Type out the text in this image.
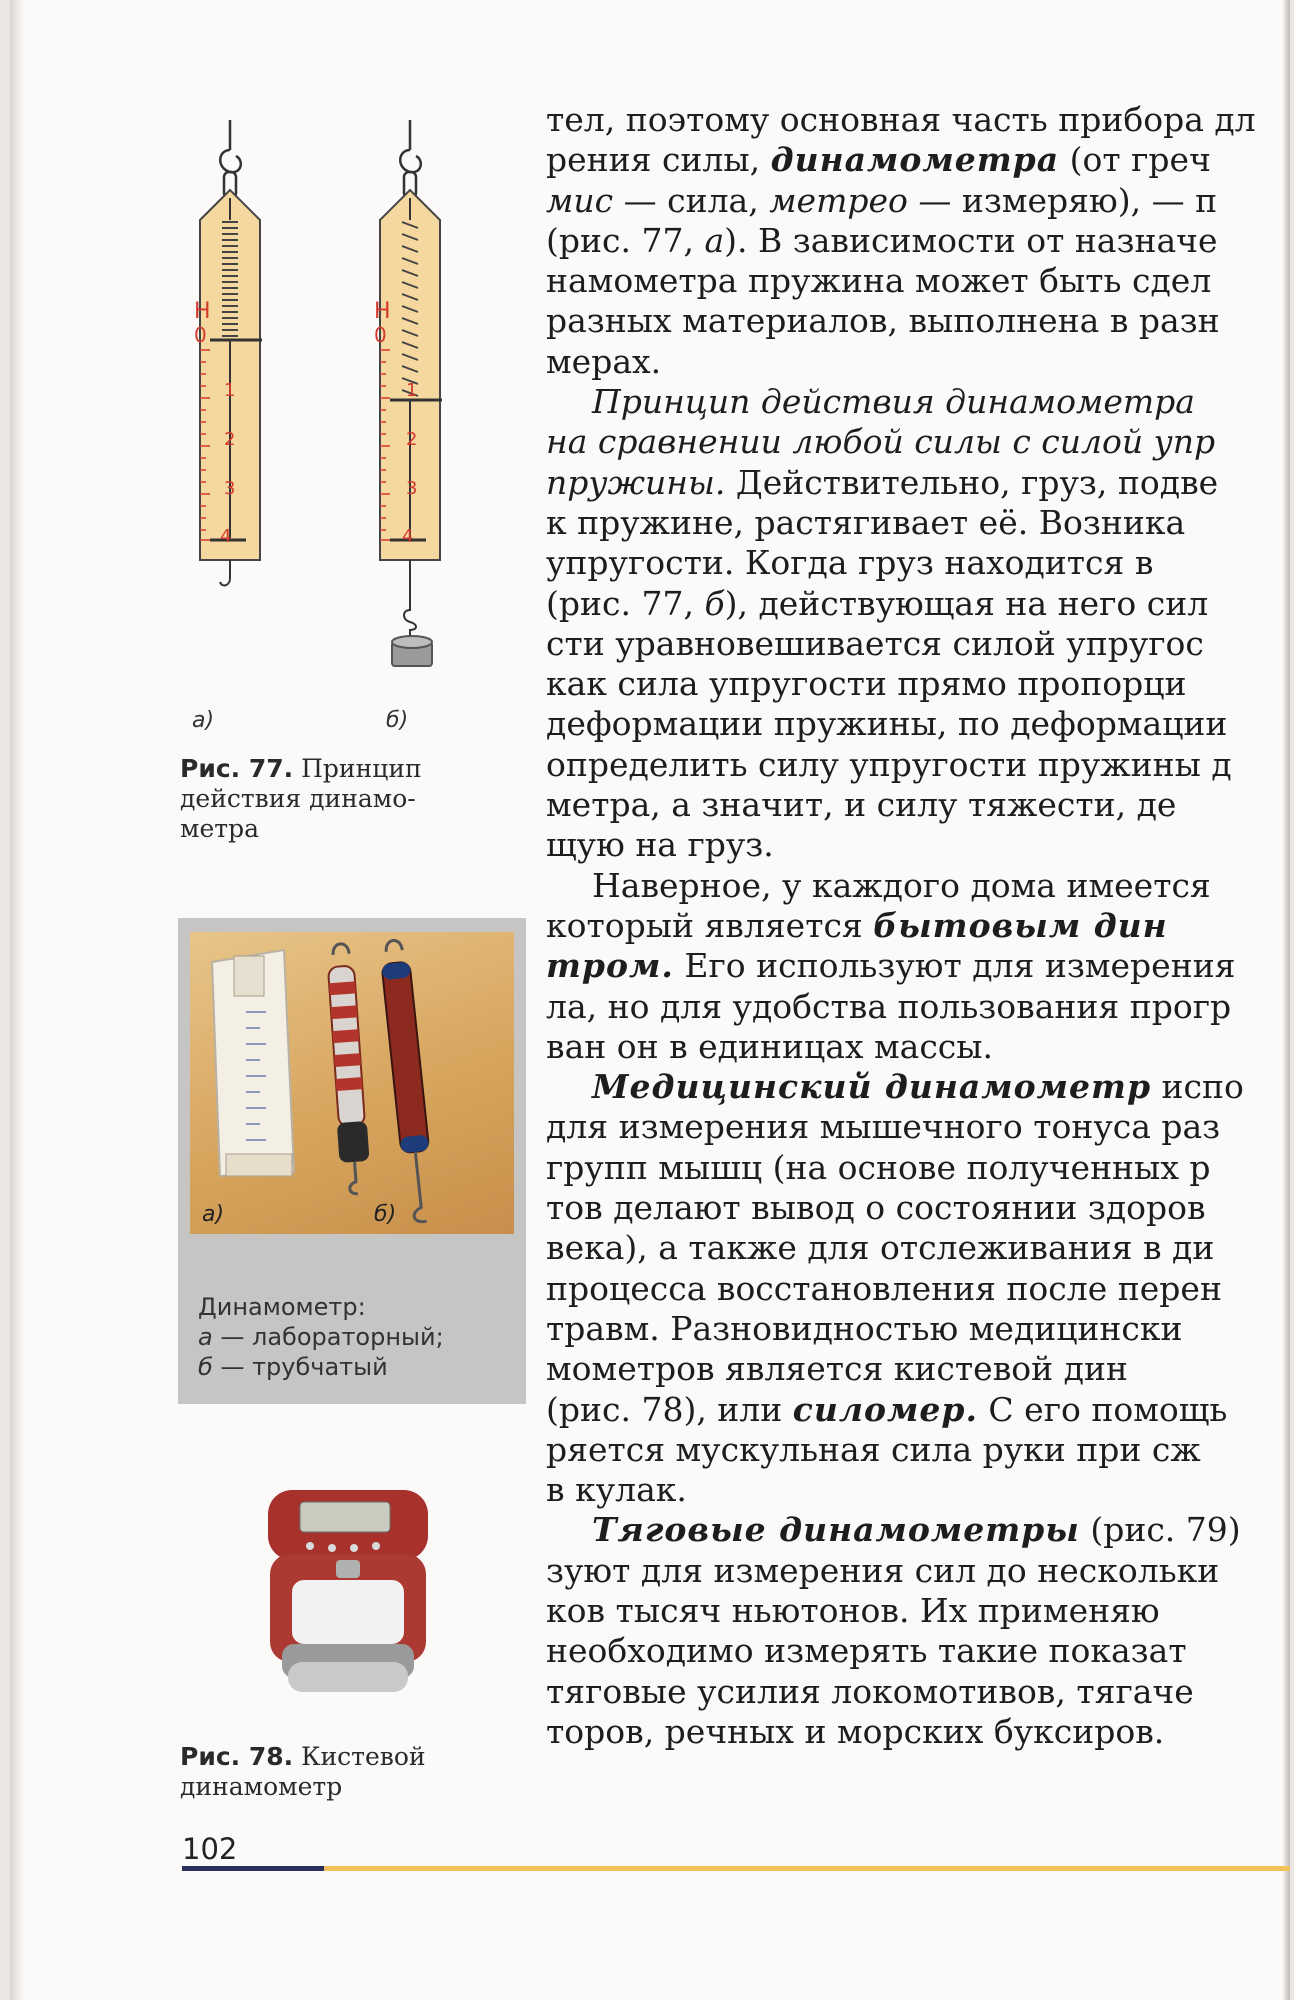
Н
0
1
2
3
4
Н
0
1
2
3
4
а)	б)
Рис. 77. Принцип
действия динамо-
метра
а)	б)
Динамометр:
а — лабораторный;
б — трубчатый
Рис. 78. Кистевой
динамометр

тел, поэтому основная часть прибора дл
рения силы, динамометра (от греч
мис — сила, метрео — измеряю), — п
(рис. 77, а). В зависимости от назначе
намометра пружина может быть сдел
разных материалов, выполнена в разн
мерах.

Принцип действия динамометра
на сравнении любой силы с силой упр
пружины. Действительно, груз, подве
к пружине, растягивает её. Возника
упругости. Когда груз находится в
(рис. 77, б), действующая на него сил
сти уравновешивается силой упругос
как сила упругости прямо пропорци
деформации пружины, по деформации
определить силу упругости пружины д
метра, а значит, и силу тяжести, де
щую на груз.

Наверное, у каждого дома имеется
который является бытовым дин
тром. Его используют для измерения
ла, но для удобства пользования прогр
ван он в единицах массы.

Медицинский динамометр испо
для измерения мышечного тонуса раз
групп мышц (на основе полученных р
тов делают вывод о состоянии здоров
века), а также для отслеживания в ди
процесса восстановления после перен
травм. Разновидностью медицински
мометров является кистевой дин
(рис. 78), или силомер. С его помощь
ряется мускульная сила руки при сж
в кулак.

Тяговые динамометры (рис. 79)
зуют для измерения сил до нескольки
ков тысяч ньютонов. Их применяю
необходимо измерять такие показат
тяговые усилия локомотивов, тягаче
торов, речных и морских буксиров.

102
